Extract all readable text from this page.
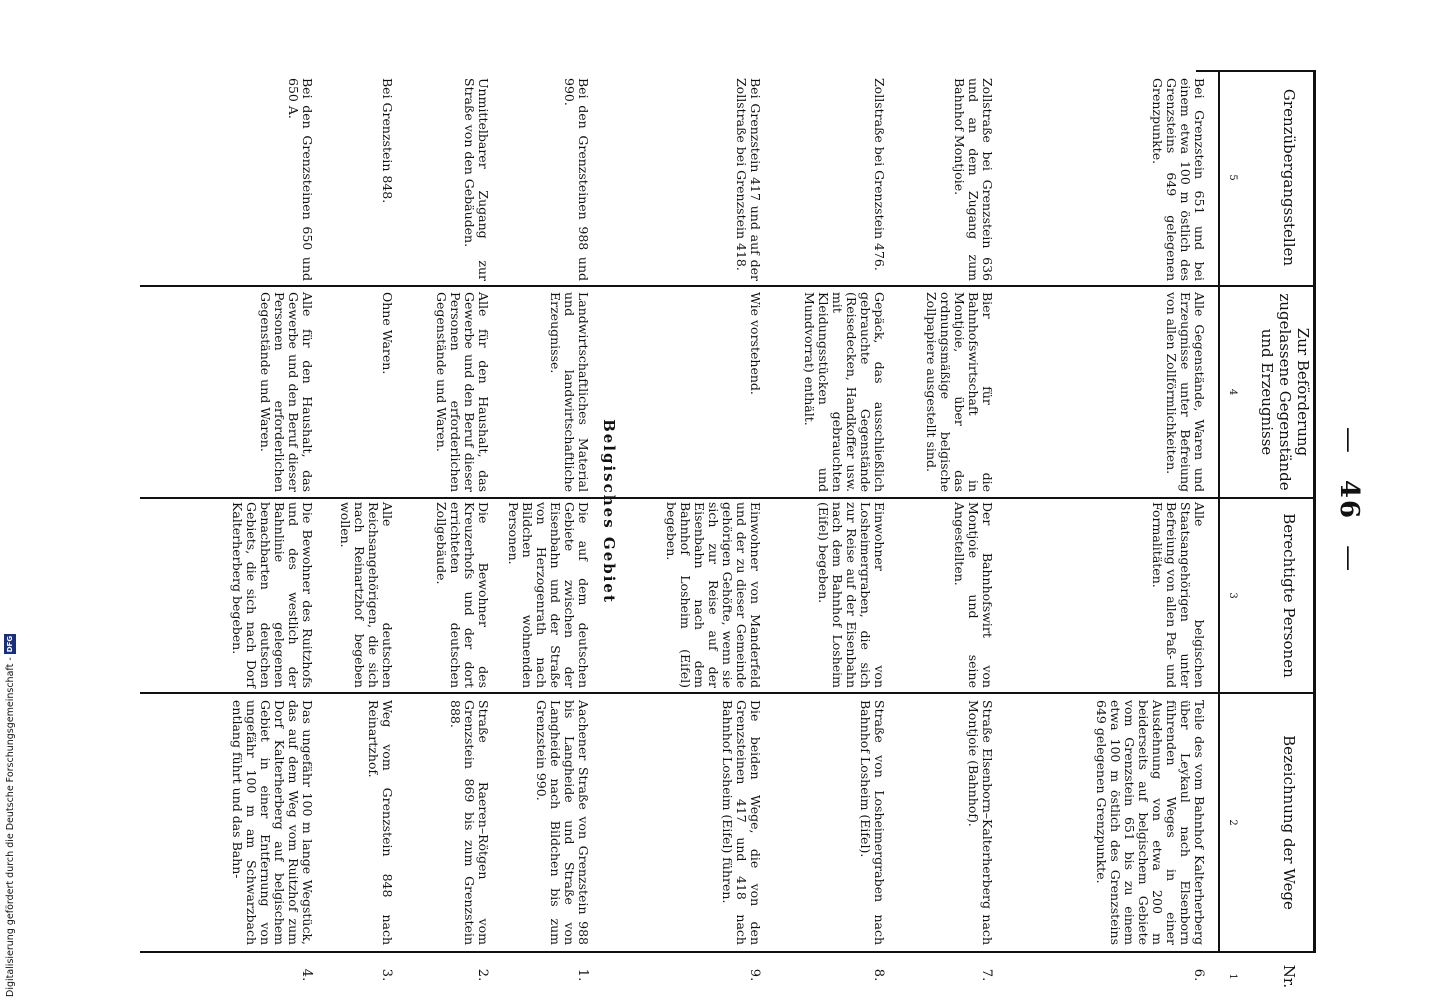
— 46 —
Grenzübergangsstellen
Zur Beförderung zugelassene Gegenstände und Erzeugnisse
Berechtigte Personen
Bezeichnung der Wege
Nr.
5
4
3
2
1
6.
Teile des vom Bahnhof Kalterherberg über Leykaul nach Elsenborn führenden Weges in einer Ausdehnung von etwa 200 m beiderseits auf belgischem Gebiete vom Grenzstein 651 bis zu einem etwa 100 m östlich des Grenzsteins 649 gelegenen Grenzpunkte.
Alle belgischen Staatsangehörigen unter Befreiung von allen Paß- und Formalitäten.
Alle Gegenstände, Waren und Erzeugnisse unter Befreiung von allen Zollförmlichkeiten.
Bei Grenzstein 651 und bei einem etwa 100 m östlich des Grenzsteins 649 gelegenen Grenzpunkte.
7.
Straße Elsenborn–Kalterherberg nach Montjoie (Bahnhof).
Der Bahnhofswirt von Montjoie und seine Angestellten.
Bier für die Bahnhofswirtschaft in Montjoie, über das ordnungsmäßige belgische Zollpapiere ausgestellt sind.
Zollstraße bei Grenzstein 636 und an dem Zugang zum Bahnhof Montjoie.
8.
Straße von Losheimergraben nach Bahnhof Losheim (Eifel).
Einwohner von Losheimergraben, die sich zur Reise auf der Eisenbahn nach dem Bahnhof Losheim (Eifel) begeben.
Gepäck, das ausschließlich gebrauchte Gegenstände (Reisedecken, Handkoffer usw. mit gebrauchten Kleidungsstücken und Mundvorrat) enthält.
Zollstraße bei Grenzstein 476.
9.
Die beiden Wege, die von den Grenzsteinen 417 und 418 nach Bahnhof Losheim (Eifel) führen.
Einwohner von Manderfeld und der zu dieser Gemeinde gehörigen Gehöfte, wenn sie sich zur Reise auf der Eisenbahn nach dem Bahnhof Losheim (Eifel) begeben.
Wie vorstehend.
Bei Grenzstein 417 und auf der Zollstraße bei Grenzstein 418.
Belgisches Gebiet
1.
Aachener Straße von Grenzstein 988 bis Langheide und Straße von Langheide nach Bildchen bis zum Grenzstein 990.
Die auf dem deutschen Gebiete zwischen der Eisenbahn und der Straße von Herzogenrath nach Bildchen wohnenden Personen.
Landwirtschaftliches Material und landwirtschaftliche Erzeugnisse.
Bei den Grenzsteinen 988 und 990.
2.
Straße Raeren–Rötgen vom Grenzstein 869 bis zum Grenzstein 888.
Die Bewohner des Kreuzerhofs und der dort errichteten deutschen Zollgebäude.
Alle für den Haushalt, das Gewerbe und den Beruf dieser Personen erforderlichen Gegenstände und Waren.
Unmittelbarer Zugang zur Straße von den Gebäuden.
3.
Weg vom Grenzstein 848 nach Reinartzhof.
Alle deutschen Reichsangehörigen, die sich nach Reinartzhof begeben wollen.
Ohne Waren.
Bei Grenzstein 848.
4.
Das ungefähr 100 m lange Wegstück, das auf dem Weg vom Ruitzhof zum Dorf Kalterherberg auf belgischem Gebiet in einer Entfernung von ungefähr 100 m am Schwarzbach entlang führt und das Bahn-
Die Bewohner des Ruitzhofs und des westlich der Bahnlinie gelegenen benachbarten deutschen Gebiets, die sich nach Dorf Kalterherberg begeben.
Alle für den Haushalt, das Gewerbe und den Beruf dieser Personen erforderlichen Gegenstände und Waren.
Bei den Grenzsteinen 650 und 650 A.
Digitalisierung gefördert durch die Deutsche Forschungsgemeinschaft -
DFG
